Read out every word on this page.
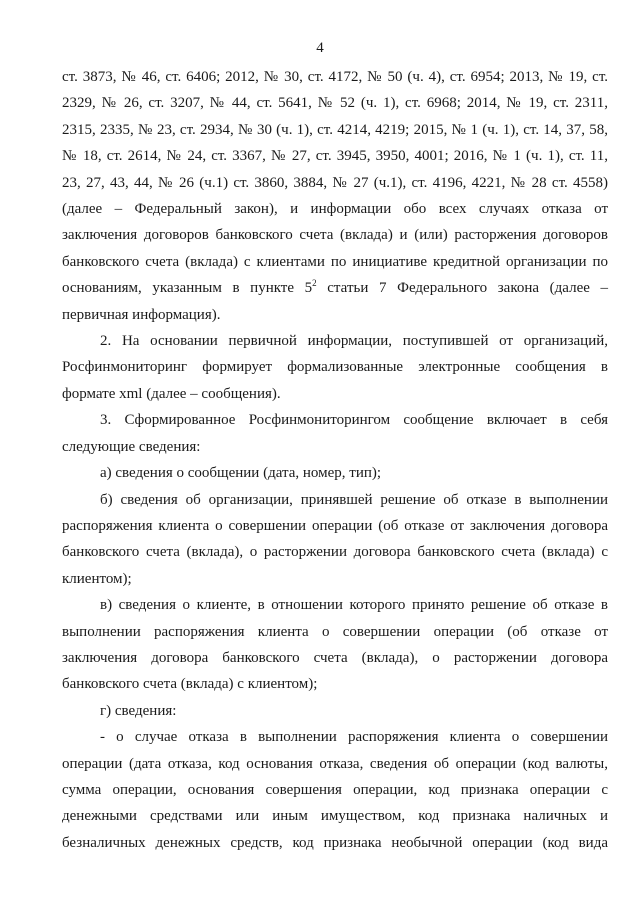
4

ст. 3873, № 46, ст. 6406; 2012, № 30, ст. 4172, № 50 (ч. 4), ст. 6954; 2013, № 19, ст.

2329, № 26, ст. 3207, № 44, ст. 5641, № 52 (ч. 1), ст. 6968; 2014, № 19, ст. 2311,

2315, 2335, № 23, ст. 2934, № 30 (ч. 1), ст. 4214, 4219; 2015, № 1 (ч. 1), ст. 14, 37, 58,

№ 18, ст. 2614, № 24, ст. 3367, № 27, ст. 3945, 3950, 4001; 2016, № 1 (ч. 1), ст. 11,

23, 27, 43, 44, № 26 (ч.1) ст. 3860, 3884, № 27 (ч.1), ст. 4196, 4221, № 28 ст. 4558)

(далее – Федеральный закон), и информации обо всех случаях отказа от

заключения договоров банковского счета (вклада) и (или) расторжения договоров

банковского счета (вклада) с клиентами по инициативе кредитной организации по

основаниям, указанным в пункте $5^2$ статьи 7 Федерального закона (далее –

первичная информация).

2. На основании первичной информации, поступившей от организаций,

Росфинмониторинг формирует формализованные электронные сообщения в

формате xml (далее – сообщения).

3. Сформированное Росфинмониторингом сообщение включает в себя

следующие сведения:

а) сведения о сообщении (дата, номер, тип);

б) сведения об организации, принявшей решение об отказе в выполнении

распоряжения клиента о совершении операции (об отказе от заключения договора

банковского счета (вклада), о расторжении договора банковского счета (вклада) с

клиентом);

в) сведения о клиенте, в отношении которого принято решение об отказе в

выполнении распоряжения клиента о совершении операции (об отказе от

заключения договора банковского счета (вклада), о расторжении договора

банковского счета (вклада) с клиентом);

г) сведения:

- о случае отказа в выполнении распоряжения клиента о совершении

операции (дата отказа, код основания отказа, сведения об операции (код валюты,

сумма операции, основания совершения операции, код признака операции с

денежными средствами или иным имуществом, код признака наличных и

безналичных денежных средств, код признака необычной операции (код вида
